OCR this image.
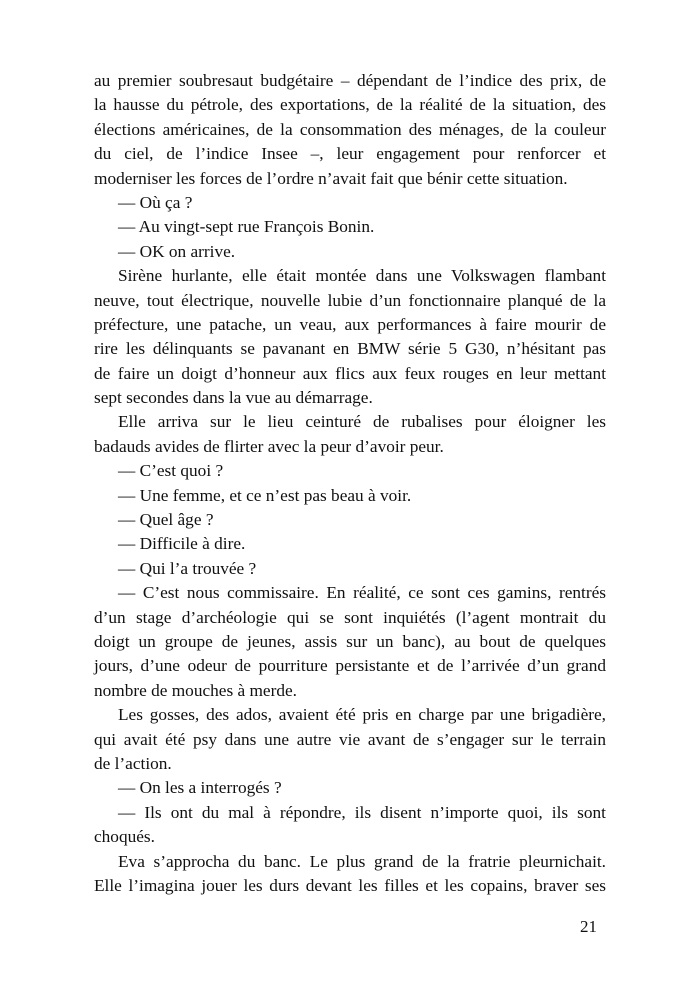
au premier soubresaut budgétaire – dépendant de l’indice des prix, de
la hausse du pétrole, des exportations, de la réalité de la situation, des
élections américaines, de la consommation des ménages, de la couleur
du ciel, de l’indice Insee –, leur engagement pour renforcer et
moderniser les forces de l’ordre n’avait fait que bénir cette situation.
— Où ça ?
— Au vingt-sept rue François Bonin.
— OK on arrive.
Sirène hurlante, elle était montée dans une Volkswagen flambant
neuve, tout électrique, nouvelle lubie d’un fonctionnaire planqué de la
préfecture, une patache, un veau, aux performances à faire mourir de
rire les délinquants se pavanant en BMW série 5 G30, n’hésitant pas
de faire un doigt d’honneur aux flics aux feux rouges en leur mettant
sept secondes dans la vue au démarrage.
Elle arriva sur le lieu ceinturé de rubalises pour éloigner les
badauds avides de flirter avec la peur d’avoir peur.
— C’est quoi ?
— Une femme, et ce n’est pas beau à voir.
— Quel âge ?
— Difficile à dire.
— Qui l’a trouvée ?
— C’est nous commissaire. En réalité, ce sont ces gamins, rentrés
d’un stage d’archéologie qui se sont inquiétés (l’agent montrait du
doigt un groupe de jeunes, assis sur un banc), au bout de quelques
jours, d’une odeur de pourriture persistante et de l’arrivée d’un grand
nombre de mouches à merde.
Les gosses, des ados, avaient été pris en charge par une brigadière,
qui avait été psy dans une autre vie avant de s’engager sur le terrain
de l’action.
— On les a interrogés ?
— Ils ont du mal à répondre, ils disent n’importe quoi, ils sont
choqués.
Eva s’approcha du banc. Le plus grand de la fratrie pleurnichait.
Elle l’imagina jouer les durs devant les filles et les copains, braver ses
21
